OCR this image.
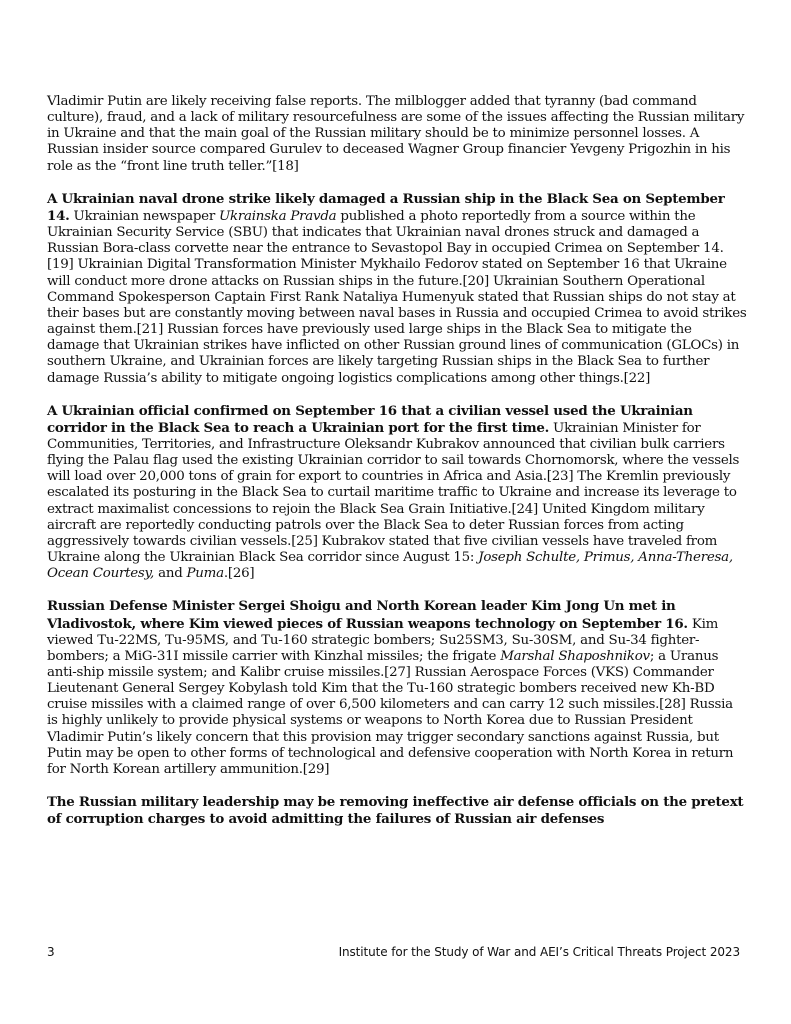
Vladimir Putin are likely receiving false reports. The milblogger added that tyranny (bad command culture), fraud, and a lack of military resourcefulness are some of the issues affecting the Russian military in Ukraine and that the main goal of the Russian military should be to minimize personnel losses. A Russian insider source compared Gurulev to deceased Wagner Group financier Yevgeny Prigozhin in his role as the “front line truth teller.”[18]

A Ukrainian naval drone strike likely damaged a Russian ship in the Black Sea on September 14. Ukrainian newspaper Ukrainska Pravda published a photo reportedly from a source within the Ukrainian Security Service (SBU) that indicates that Ukrainian naval drones struck and damaged a Russian Bora-class corvette near the entrance to Sevastopol Bay in occupied Crimea on September 14.[19] Ukrainian Digital Transformation Minister Mykhailo Fedorov stated on September 16 that Ukraine will conduct more drone attacks on Russian ships in the future.[20] Ukrainian Southern Operational Command Spokesperson Captain First Rank Nataliya Humenyuk stated that Russian ships do not stay at their bases but are constantly moving between naval bases in Russia and occupied Crimea to avoid strikes against them.[21] Russian forces have previously used large ships in the Black Sea to mitigate the damage that Ukrainian strikes have inflicted on other Russian ground lines of communication (GLOCs) in southern Ukraine, and Ukrainian forces are likely targeting Russian ships in the Black Sea to further damage Russia’s ability to mitigate ongoing logistics complications among other things.[22]

A Ukrainian official confirmed on September 16 that a civilian vessel used the Ukrainian corridor in the Black Sea to reach a Ukrainian port for the first time. Ukrainian Minister for Communities, Territories, and Infrastructure Oleksandr Kubrakov announced that civilian bulk carriers flying the Palau flag used the existing Ukrainian corridor to sail towards Chornomorsk, where the vessels will load over 20,000 tons of grain for export to countries in Africa and Asia.[23] The Kremlin previously escalated its posturing in the Black Sea to curtail maritime traffic to Ukraine and increase its leverage to extract maximalist concessions to rejoin the Black Sea Grain Initiative.[24] United Kingdom military aircraft are reportedly conducting patrols over the Black Sea to deter Russian forces from acting aggressively towards civilian vessels.[25] Kubrakov stated that five civilian vessels have traveled from Ukraine along the Ukrainian Black Sea corridor since August 15: Joseph Schulte, Primus, Anna-Theresa, Ocean Courtesy, and Puma.[26]

Russian Defense Minister Sergei Shoigu and North Korean leader Kim Jong Un met in Vladivostok, where Kim viewed pieces of Russian weapons technology on September 16. Kim viewed Tu-22MS, Tu-95MS, and Tu-160 strategic bombers; Su25SM3, Su-30SM, and Su-34 fighter-bombers; a MiG-31I missile carrier with Kinzhal missiles; the frigate Marshal Shaposhnikov; a Uranus anti-ship missile system; and Kalibr cruise missiles.[27] Russian Aerospace Forces (VKS) Commander Lieutenant General Sergey Kobylash told Kim that the Tu-160 strategic bombers received new Kh-BD cruise missiles with a claimed range of over 6,500 kilometers and can carry 12 such missiles.[28] Russia is highly unlikely to provide physical systems or weapons to North Korea due to Russian President Vladimir Putin’s likely concern that this provision may trigger secondary sanctions against Russia, but Putin may be open to other forms of technological and defensive cooperation with North Korea in return for North Korean artillery ammunition.[29]

The Russian military leadership may be removing ineffective air defense officials on the pretext of corruption charges to avoid admitting the failures of Russian air defenses

3	Institute for the Study of War and AEI’s Critical Threats Project 2023
